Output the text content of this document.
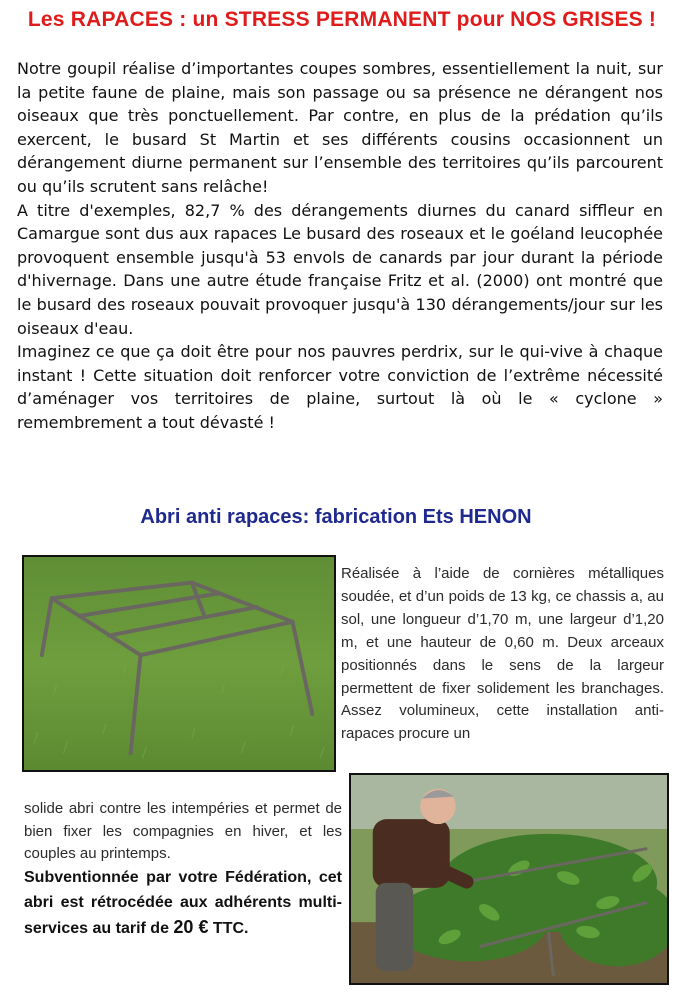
Les RAPACES : un STRESS PERMANENT pour NOS GRISES !

Notre goupil réalise d’importantes coupes sombres, essentiellement la nuit, sur la petite faune de plaine, mais son passage ou sa présence ne dérangent nos oiseaux que très ponctuellement. Par contre, en plus de la prédation qu’ils exercent, le busard St Martin et ses différents cousins occasionnent un dérangement diurne permanent sur l’ensemble des territoires qu’ils parcourent ou qu’ils scrutent sans relâche!

A titre d'exemples, 82,7 % des dérangements diurnes du canard siffleur en Camargue sont dus aux rapaces Le busard des roseaux et le goéland leucophée provoquent ensemble jusqu'à 53 envols de canards par jour durant la période d'hivernage. Dans une autre étude française Fritz et al. (2000) ont montré que le busard des roseaux pouvait provoquer jusqu'à 130 dérangements/jour sur les oiseaux d'eau.

Imaginez ce que ça doit être pour nos pauvres perdrix, sur le qui-vive à chaque instant ! Cette situation doit renforcer votre conviction de l’extrême nécessité d’aménager vos territoires de plaine, surtout là où le « cyclone » remembrement a tout dévasté !

Abri anti rapaces: fabrication Ets HENON

Réalisée à l’aide de cornières métalliques soudée, et d’un poids de 13 kg, ce chassis a, au sol, une longueur d’1,70 m, une largeur d’1,20 m, et une hauteur de 0,60 m. Deux arceaux positionnés dans le sens de la largeur permettent de fixer solidement les branchages. Assez volumineux, cette installation anti-rapaces procure un

solide abri contre les intempéries et permet de bien fixer les compagnies en hiver, et les couples au printemps.

Subventionnée par votre Fédération, cet abri est rétrocédée aux adhérents multi-services au tarif de 20 € TTC.
